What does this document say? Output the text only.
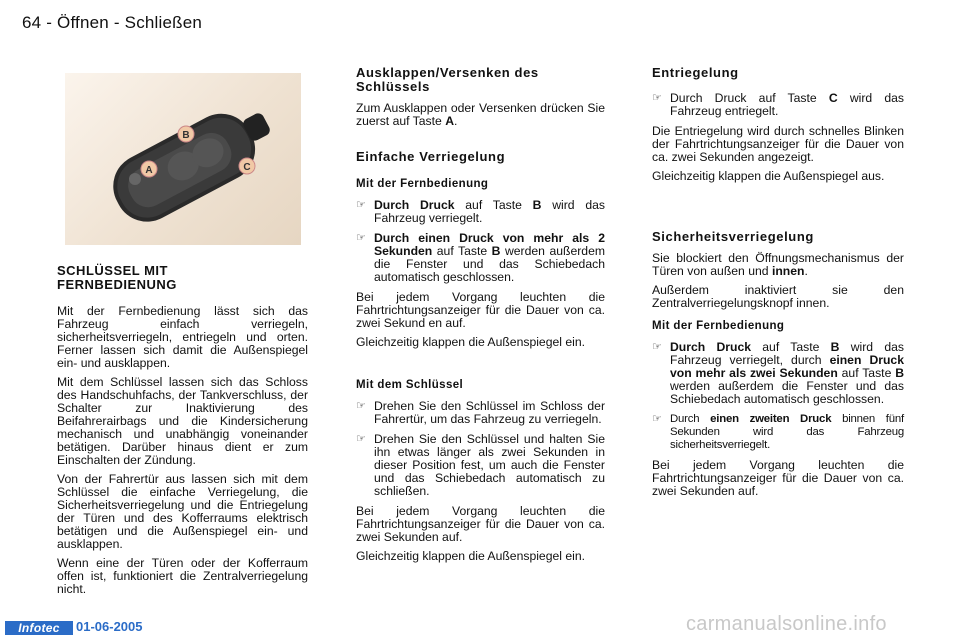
64 - Öffnen - Schließen
A
B
C
SCHLÜSSEL MIT FERNBEDIENUNG

Mit der Fernbedienung lässt sich das Fahrzeug einfach verriegeln, sicherheitsverriegeln, entriegeln und orten. Ferner lassen sich damit die Außenspiegel ein- und ausklappen.

Mit dem Schlüssel lassen sich das Schloss des Handschuhfachs, der Tankverschluss, der Schalter zur Inaktivierung des Beifahrerairbags und die Kindersicherung mechanisch und unabhängig voneinander betätigen. Darüber hinaus dient er zum Einschalten der Zündung.

Von der Fahrertür aus lassen sich mit dem Schlüssel die einfache Verriegelung, die Sicherheitsverriegelung und die Entriegelung der Türen und des Kofferraums elektrisch betätigen und die Außenspiegel ein- und ausklappen.

Wenn eine der Türen oder der Kofferraum offen ist, funktioniert die Zentralverriegelung nicht.

Ausklappen/Versenken des Schlüssels

Zum Ausklappen oder Versenken drücken Sie zuerst auf Taste A.

Einfache Verriegelung
Mit der Fernbedienung
☞ Durch Druck auf Taste B wird das Fahrzeug verriegelt.
☞ Durch einen Druck von mehr als 2 Sekunden auf Taste B werden außerdem die Fenster und das Schiebedach automatisch geschlossen.

Bei jedem Vorgang leuchten die Fahrtrichtungsanzeiger für die Dauer von ca. zwei Sekund en auf.

Gleichzeitig klappen die Außenspiegel ein.

Mit dem Schlüssel
☞ Drehen Sie den Schlüssel im Schloss der Fahrertür, um das Fahrzeug zu verriegeln.
☞ Drehen Sie den Schlüssel und halten Sie ihn etwas länger als zwei Sekunden in dieser Position fest, um auch die Fenster und das Schiebedach automatisch zu schließen.

Bei jedem Vorgang leuchten die Fahrtrichtungsanzeiger für die Dauer von ca. zwei Sekunden auf.

Gleichzeitig klappen die Außenspiegel ein.

Entriegelung
☞ Durch Druck auf Taste C wird das Fahrzeug entriegelt.

Die Entriegelung wird durch schnelles Blinken der Fahrtrichtungsanzeiger für die Dauer von ca. zwei Sekunden angezeigt.

Gleichzeitig klappen die Außenspiegel aus.

Sicherheitsverriegelung

Sie blockiert den Öffnungsmechanismus der Türen von außen und innen.

Außerdem inaktiviert sie den Zentralverriegelungsknopf innen.

Mit der Fernbedienung
☞ Durch Druck auf Taste B wird das Fahrzeug verriegelt, durch einen Druck von mehr als zwei Sekunden auf Taste B werden außerdem die Fenster und das Schiebedach automatisch geschlossen.
☞ Durch einen zweiten Druck binnen fünf Sekunden wird das Fahrzeug sicherheitsverriegelt.

Bei jedem Vorgang leuchten die Fahrtrichtungsanzeiger für die Dauer von ca. zwei Sekunden auf.

Infotec	01-06-2005	carmanualsonline.info
